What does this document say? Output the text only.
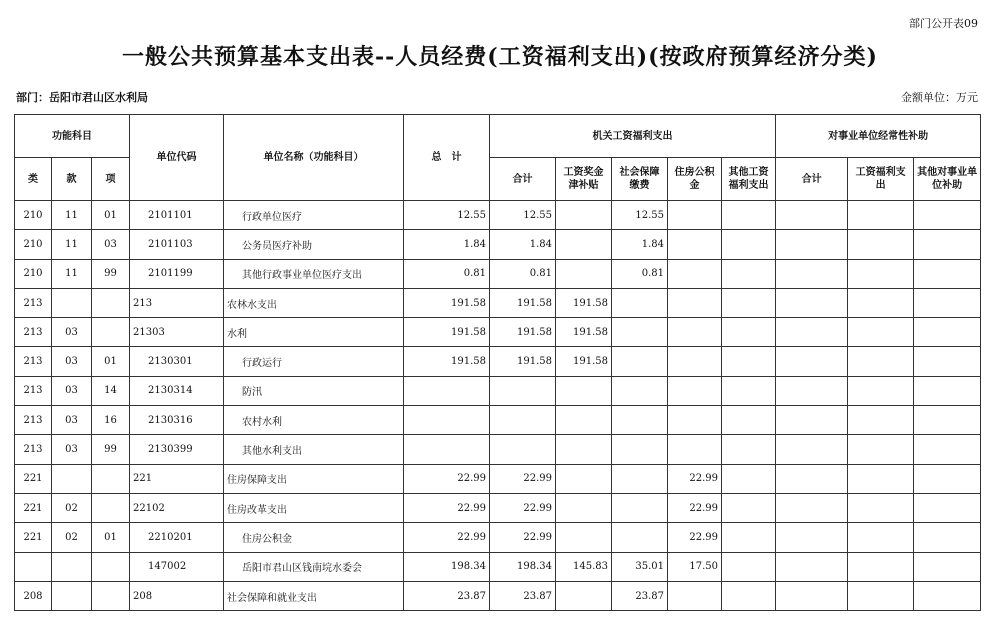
部门公开表09
一般公共预算基本支出表--人员经费(工资福利支出)(按政府预算经济分类)
部门：岳阳市君山区水利局	金额单位：万元
功能科目			单位代码	单位名称（功能科目）	总　计	机关工资福利支出					对事业单位经常性补助		
类	款	项				合计	工资奖金津补贴	社会保障缴费	住房公积金	其他工资福利支出	合计	工资福利支出	其他对事业单位补助
210	11	01	2101101	行政单位医疗	12.55	12.55		12.55					
210	11	03	2101103	公务员医疗补助	1.84	1.84		1.84					
210	11	99	2101199	其他行政事业单位医疗支出	0.81	0.81		0.81					
213			213	农林水支出	191.58	191.58	191.58						
213	03		21303	水利	191.58	191.58	191.58						
213	03	01	2130301	行政运行	191.58	191.58	191.58						
213	03	14	2130314	防汛									
213	03	16	2130316	农村水利									
213	03	99	2130399	其他水利支出									
221			221	住房保障支出	22.99	22.99			22.99				
221	02		22102	住房改革支出	22.99	22.99			22.99				
221	02	01	2210201	住房公积金	22.99	22.99			22.99				
			147002	岳阳市君山区钱南垸水委会	198.34	198.34	145.83	35.01	17.50				
208			208	社会保障和就业支出	23.87	23.87		23.87					
